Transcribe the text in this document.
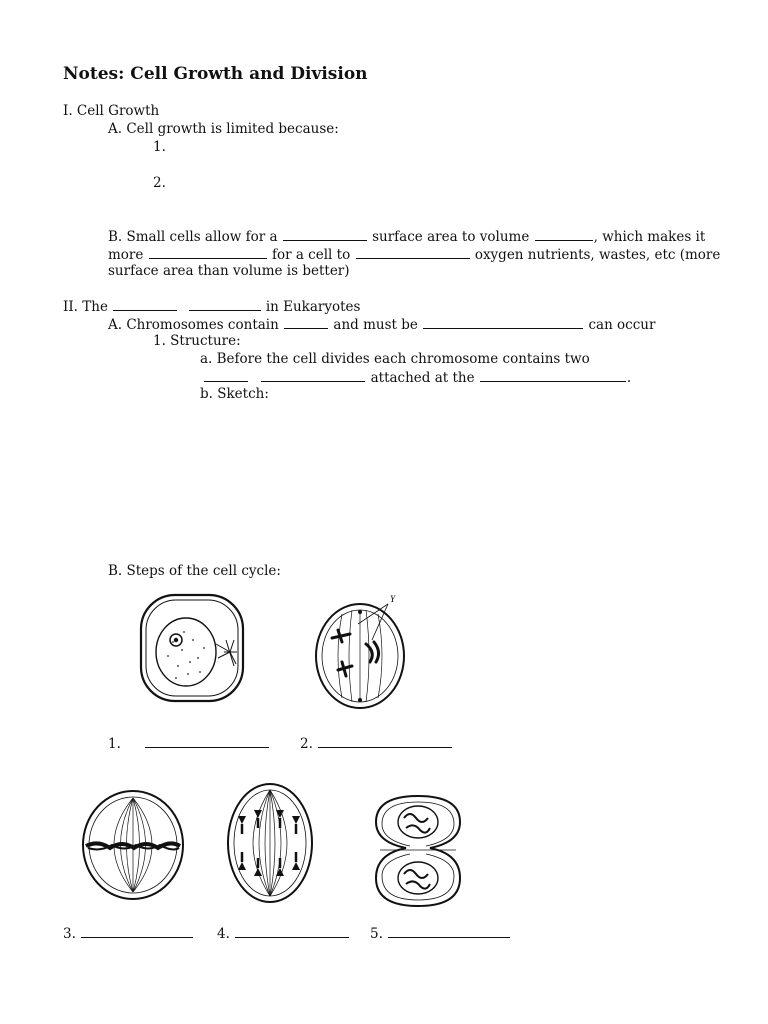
Notes: Cell Growth and Division
I. Cell Growth
A. Cell growth is limited because:
1.
2.
B. Small cells allow for a	surface area to volume	, which makes it
more	for a cell to	oxygen nutrients, wastes, etc (more
surface area than volume is better)
II. The	in Eukaryotes
A. Chromosomes contain	and must be	can occur
1. Structure:
a. Before the cell divides each chromosome contains two
attached at the	.
b. Sketch:
B. Steps of the cell cycle:
Y
1.	2.
3.	4.	5.
